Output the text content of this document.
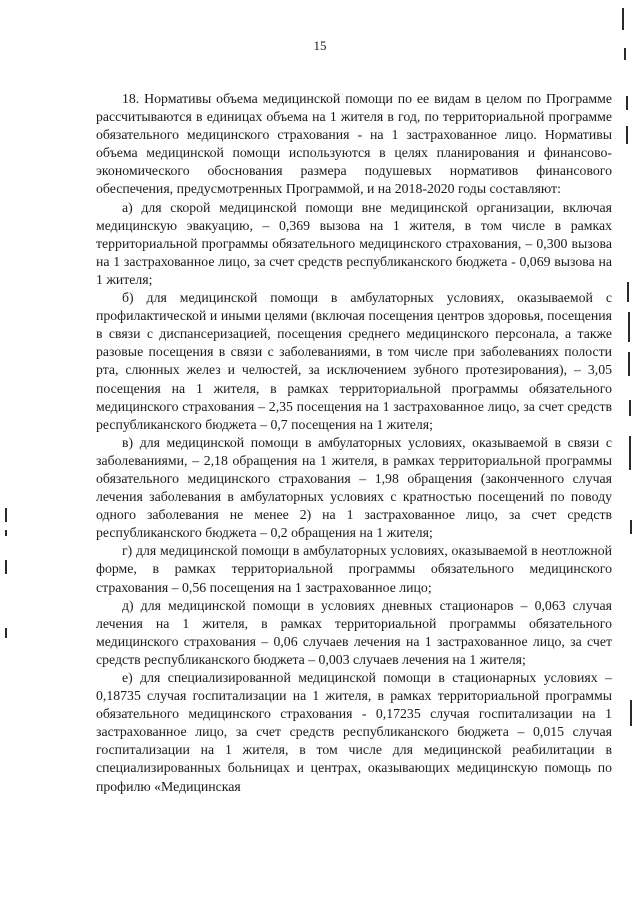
15

18. Нормативы объема медицинской помощи по ее видам в целом по Программе рассчитываются в единицах объема на 1 жителя в год, по территориальной программе обязательного медицинского страхования - на 1 застрахованное лицо. Нормативы объема медицинской помощи используются в целях планирования и финансово-экономического обоснования размера подушевых нормативов финансового обеспечения, предусмотренных Программой, и на 2018-2020 годы составляют:

а) для скорой медицинской помощи вне медицинской организации, включая медицинскую эвакуацию, – 0,369 вызова на 1 жителя, в том числе в рамках территориальной программы обязательного медицинского страхования, – 0,300 вызова на 1 застрахованное лицо, за счет средств республиканского бюджета - 0,069 вызова на 1 жителя;

б) для медицинской помощи в амбулаторных условиях, оказываемой с профилактической и иными целями (включая посещения центров здоровья, посещения в связи с диспансеризацией, посещения среднего медицинского персонала, а также разовые посещения в связи с заболеваниями, в том числе при заболеваниях полости рта, слюнных желез и челюстей, за исключением зубного протезирования), – 3,05 посещения на 1 жителя, в рамках территориальной программы обязательного медицинского страхования – 2,35 посещения на 1 застрахованное лицо, за счет средств республиканского бюджета – 0,7 посещения на 1 жителя;

в) для медицинской помощи в амбулаторных условиях, оказываемой в связи с заболеваниями, – 2,18 обращения на 1 жителя, в рамках территориальной программы обязательного медицинского страхования – 1,98 обращения (законченного случая лечения заболевания в амбулаторных условиях с кратностью посещений по поводу одного заболевания не менее 2) на 1 застрахованное лицо, за счет средств республиканского бюджета – 0,2 обращения на 1 жителя;

г) для медицинской помощи в амбулаторных условиях, оказываемой в неотложной форме, в рамках территориальной программы обязательного медицинского страхования – 0,56 посещения на 1 застрахованное лицо;

д) для медицинской помощи в условиях дневных стационаров – 0,063 случая лечения на 1 жителя, в рамках территориальной программы обязательного медицинского страхования – 0,06 случаев лечения на 1 застрахованное лицо, за счет средств республиканского бюджета – 0,003 случаев лечения на 1 жителя;

е) для специализированной медицинской помощи в стационарных условиях – 0,18735 случая госпитализации на 1 жителя, в рамках территориальной программы обязательного медицинского страхования - 0,17235 случая госпитализации на 1 застрахованное лицо, за счет средств республиканского бюджета – 0,015 случая госпитализации на 1 жителя, в том числе для медицинской реабилитации в специализированных больницах и центрах, оказывающих медицинскую помощь по профилю «Медицинская
